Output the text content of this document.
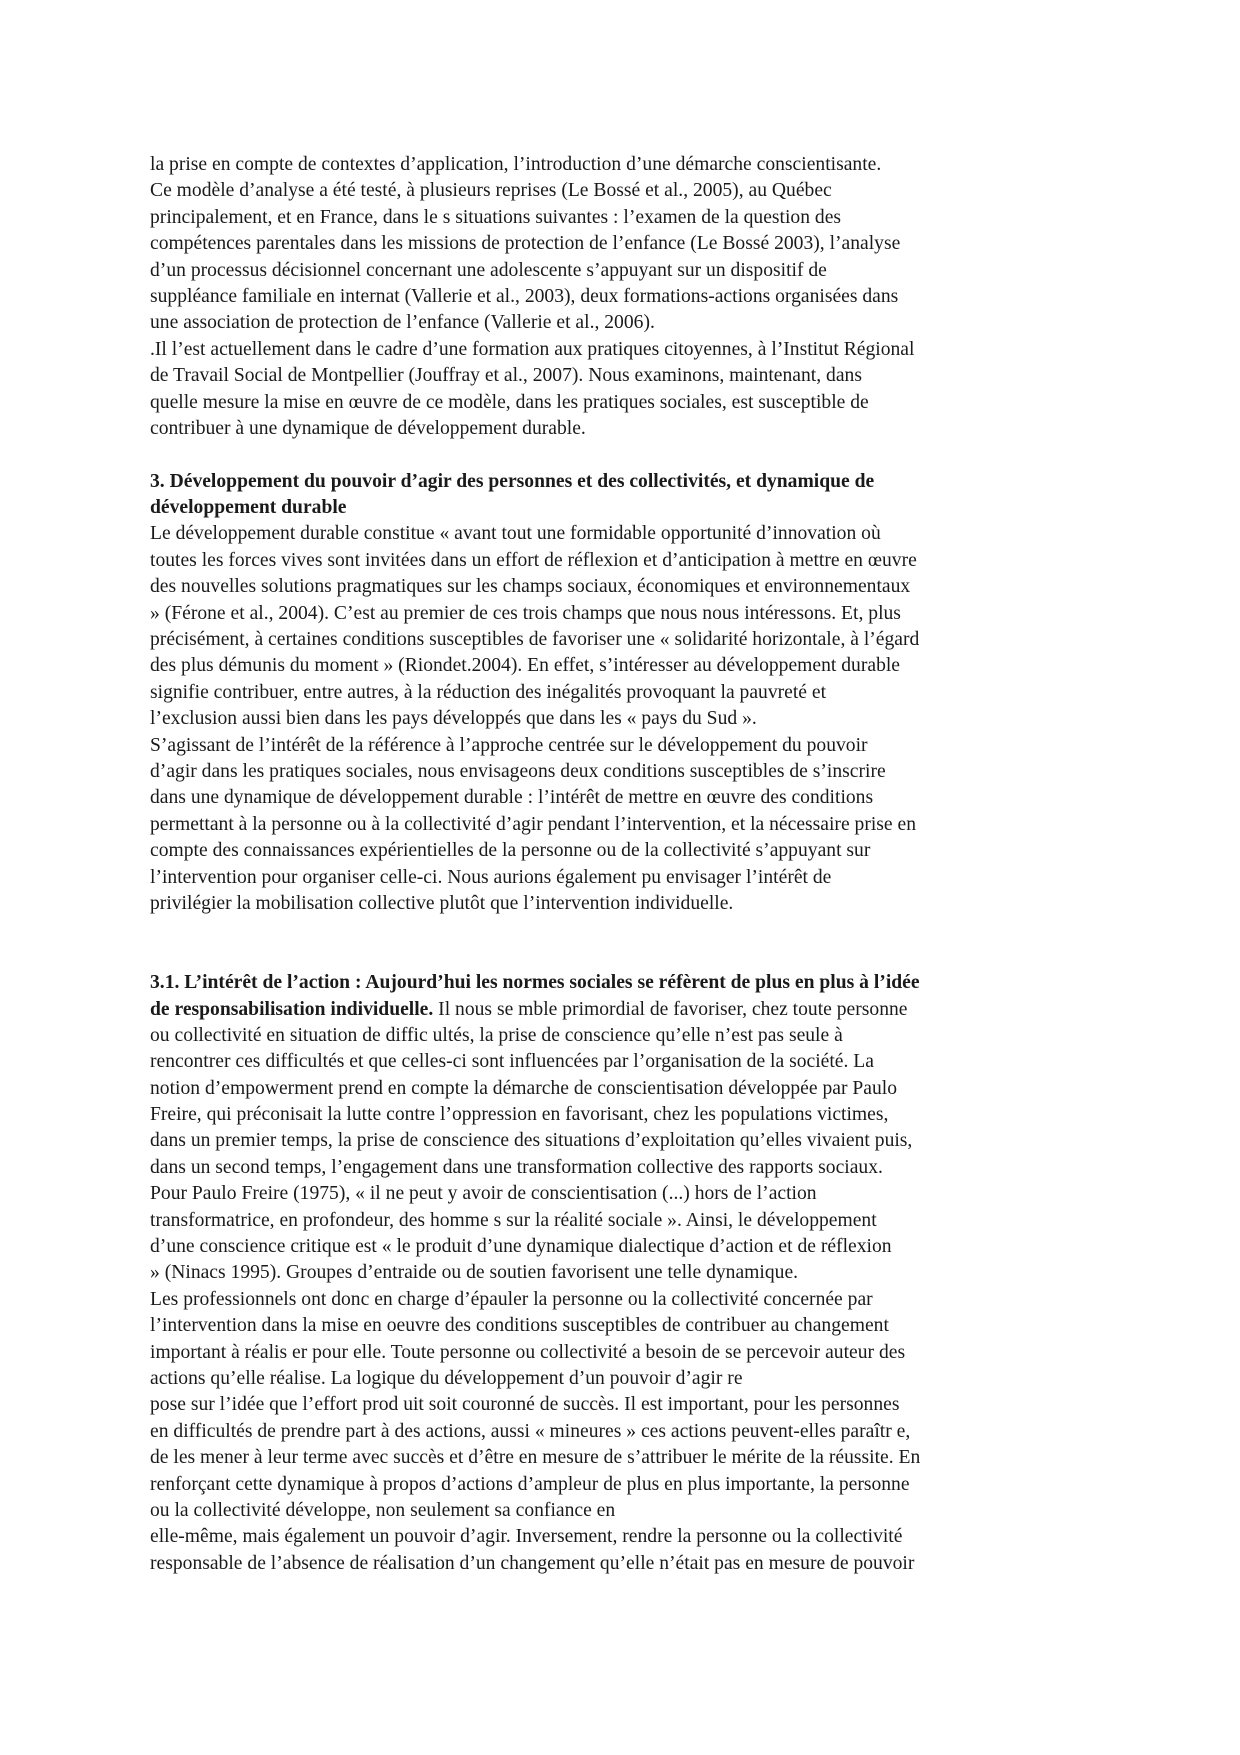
la prise en compte de contextes d’application, l’introduction d’une démarche conscientisante.
Ce modèle d’analyse a été testé, à plusieurs reprises (Le Bossé et al., 2005), au Québec
principalement, et en France, dans le s situations suivantes : l’examen de la question des
compétences parentales dans les missions de protection de l’enfance (Le Bossé 2003), l’analyse
d’un processus décisionnel concernant une adolescente s’appuyant sur un dispositif de
suppléance familiale en internat (Vallerie et al., 2003), deux formations-actions organisées dans
une association de protection de l’enfance (Vallerie et al., 2006).
.Il l’est actuellement dans le cadre d’une formation aux pratiques citoyennes, à l’Institut Régional
de Travail Social de Montpellier (Jouffray et al., 2007). Nous examinons, maintenant, dans
quelle mesure la mise en œuvre de ce modèle, dans les pratiques sociales, est susceptible de
contribuer à une dynamique de développement durable.
3. Développement du pouvoir d’agir des personnes et des collectivités, et dynamique de
développement durable
Le développement durable constitue « avant tout une formidable opportunité d’innovation où
toutes les forces vives sont invitées dans un effort de réflexion et d’anticipation à mettre en œuvre
des nouvelles solutions pragmatiques sur les champs sociaux, économiques et environnementaux
» (Férone et al., 2004). C’est au premier de ces trois champs que nous nous intéressons. Et, plus
précisément, à certaines conditions susceptibles de favoriser une « solidarité horizontale, à l’égard
des plus démunis du moment » (Riondet.2004). En effet, s’intéresser au développement durable
signifie contribuer, entre autres, à la réduction des inégalités provoquant la pauvreté et
l’exclusion aussi bien dans les pays développés que dans les « pays du Sud ».
S’agissant de l’intérêt de la référence à l’approche centrée sur le développement du pouvoir
d’agir dans les pratiques sociales, nous envisageons deux conditions susceptibles de s’inscrire
dans une dynamique de développement durable : l’intérêt de mettre en œuvre des conditions
permettant à la personne ou à la collectivité d’agir pendant l’intervention, et la nécessaire prise en
compte des connaissances expérientielles de la personne ou de la collectivité s’appuyant sur
l’intervention pour organiser celle-ci. Nous aurions également pu envisager l’intérêt de
privilégier la mobilisation collective plutôt que l’intervention individuelle.
3.1. L’intérêt de l’action : Aujourd’hui les normes sociales se réfèrent de plus en plus à l’idée
de responsabilisation individuelle. Il nous se mble primordial de favoriser, chez toute personne
ou collectivité en situation de diffic ultés, la prise de conscience qu’elle n’est pas seule à
rencontrer ces difficultés et que celles-ci sont influencées par l’organisation de la société. La
notion d’empowerment prend en compte la démarche de conscientisation développée par Paulo
Freire, qui préconisait la lutte contre l’oppression en favorisant, chez les populations victimes,
dans un premier temps, la prise de conscience des situations d’exploitation qu’elles vivaient puis,
dans un second temps, l’engagement dans une transformation collective des rapports sociaux.
Pour Paulo Freire (1975), « il ne peut y avoir de conscientisation (...) hors de l’action
transformatrice, en profondeur, des homme s sur la réalité sociale ». Ainsi, le développement
d’une conscience critique est « le produit d’une dynamique dialectique d’action et de réflexion
» (Ninacs 1995). Groupes d’entraide ou de soutien favorisent une telle dynamique.
Les professionnels ont donc en charge d’épauler la personne ou la collectivité concernée par
l’intervention dans la mise en oeuvre des conditions susceptibles de contribuer au changement
important à réalis er pour elle. Toute personne ou collectivité a besoin de se percevoir auteur des
actions qu’elle réalise. La logique du développement d’un pouvoir d’agir re
pose sur l’idée que l’effort prod uit soit couronné de succès. Il est important, pour les personnes
en difficultés de prendre part à des actions, aussi « mineures » ces actions peuvent-elles paraîtr e,
de les mener à leur terme avec succès et d’être en mesure de s’attribuer le mérite de la réussite. En
renforçant cette dynamique à propos d’actions d’ampleur de plus en plus importante, la personne
ou la collectivité développe, non seulement sa confiance en
elle-même, mais également un pouvoir d’agir. Inversement, rendre la personne ou la collectivité
responsable de l’absence de réalisation d’un changement qu’elle n’était pas en mesure de pouvoir
